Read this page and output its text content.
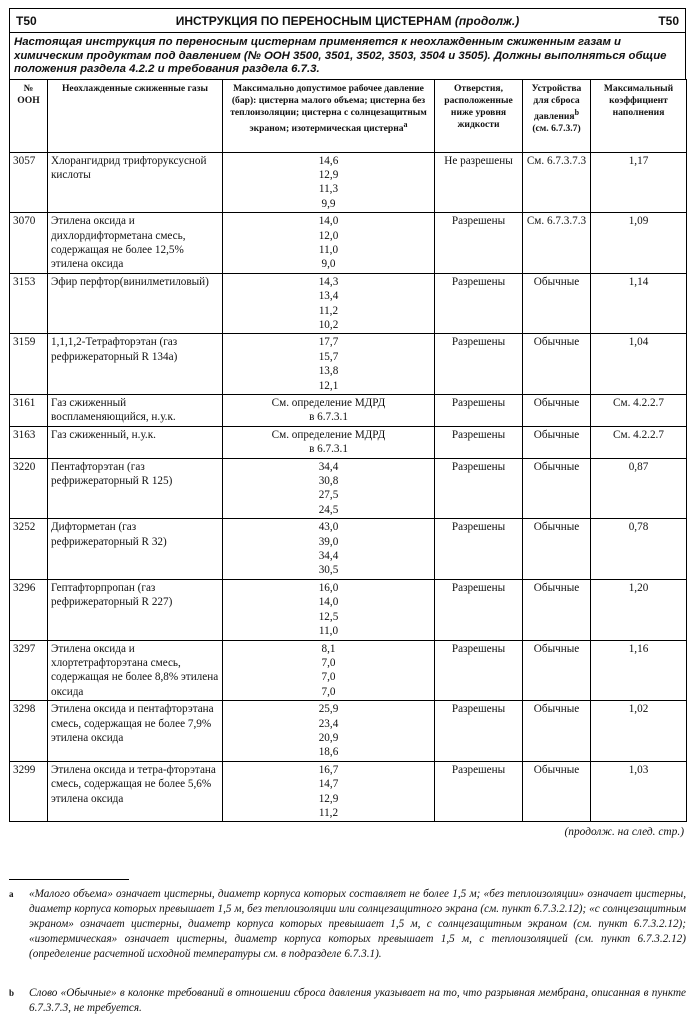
T50	ИНСТРУКЦИЯ ПО ПЕРЕНОСНЫМ ЦИСТЕРНАМ (продолж.)	T50
Настоящая инструкция по переносным цистернам применяется к неохлажденным сжиженным газам и химическим продуктам под давлением (№ ООН 3500, 3501, 3502, 3503, 3504 и 3505). Должны выполняться общие положения раздела 4.2.2 и требования раздела 6.7.3.
№ ООН	Неохлажденные сжиженные газы	Максимально допустимое рабочее давление (бар): цистерна малого объема; цистерна без теплоизоляции; цистерна с солнцезащитным экраном; изотермическая цистерна$^a$	Отверстия, расположенные ниже уровня жидкости	Устройства для сброса давления$^b$ (см. 6.7.3.7)	Максимальный коэффициент наполнения
3057	Хлорангидрид трифторуксусной кислоты	14,6
12,9
11,3
9,9	Не разрешены	См. 6.7.3.7.3	1,17
3070	Этилена оксида и дихлордифторметана смесь, содержащая не более 12,5% этилена оксида	14,0
12,0
11,0
9,0	Разрешены	См. 6.7.3.7.3	1,09
3153	Эфир перфтор(винилметиловый)	14,3
13,4
11,2
10,2	Разрешены	Обычные	1,14
3159	1,1,1,2-Тетрафторэтан (газ рефрижераторный R 134a)	17,7
15,7
13,8
12,1	Разрешены	Обычные	1,04
3161	Газ сжиженный воспламеняющийся, н.у.к.	См. определение МДРД
в 6.7.3.1	Разрешены	Обычные	См. 4.2.2.7
3163	Газ сжиженный, н.у.к.	См. определение МДРД
в 6.7.3.1	Разрешены	Обычные	См. 4.2.2.7
3220	Пентафторэтан (газ рефрижераторный R 125)	34,4
30,8
27,5
24,5	Разрешены	Обычные	0,87
3252	Дифторметан (газ рефрижераторный R 32)	43,0
39,0
34,4
30,5	Разрешены	Обычные	0,78
3296	Гептафторпропан (газ рефрижераторный R 227)	16,0
14,0
12,5
11,0	Разрешены	Обычные	1,20
3297	Этилена оксида и хлортетрафторэтана смесь, содержащая не более 8,8% этилена оксида	8,1
7,0
7,0
7,0	Разрешены	Обычные	1,16
3298	Этилена оксида и пентафторэтана смесь, содержащая не более 7,9% этилена оксида	25,9
23,4
20,9
18,6	Разрешены	Обычные	1,02
3299	Этилена оксида и тетра-фторэтана смесь, содержащая не более 5,6% этилена оксида	16,7
14,7
12,9
11,2	Разрешены	Обычные	1,03
(продолж. на след. стр.)
a	«Малого объема» означает цистерны, диаметр корпуса которых составляет не более 1,5 м; «без теплоизоляции» означает цистерны, диаметр корпуса которых превышает 1,5 м, без теплоизоляции или солнцезащитного экрана (см. пункт 6.7.3.2.12); «с солнцезащитным экраном» означает цистерны, диаметр корпуса которых превышает 1,5 м, с солнцезащитным экраном (см. пункт 6.7.3.2.12); «изотермическая» означает цистерны, диаметр корпуса которых превышает 1,5 м, с теплоизоляцией (см. пункт 6.7.3.2.12) (определение расчетной исходной температуры см. в подразделе 6.7.3.1).
b	Слово «Обычные» в колонке требований в отношении сброса давления указывает на то, что разрывная мембрана, описанная в пункте 6.7.3.7.3, не требуется.
